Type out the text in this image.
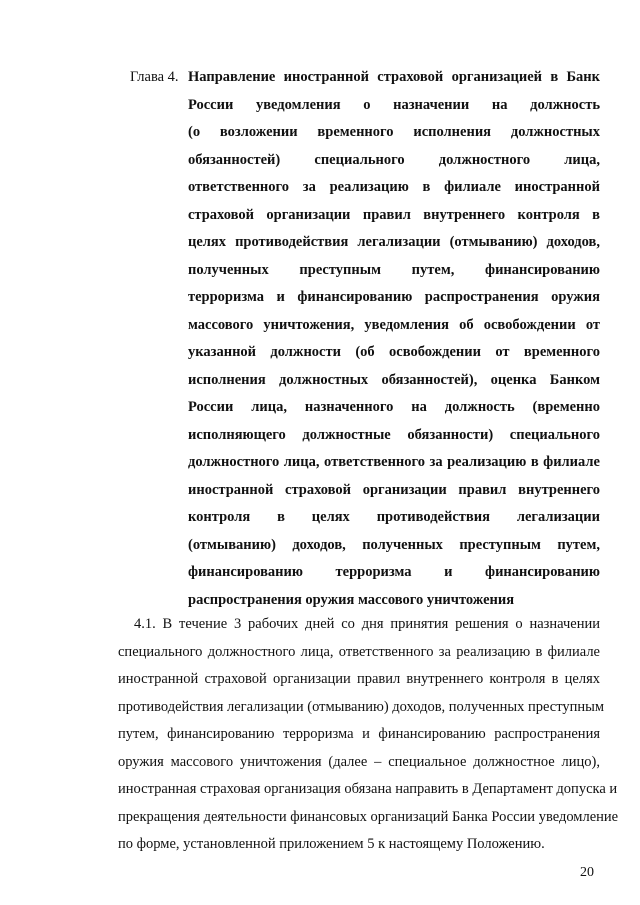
Глава 4. Направление иностранной страховой организацией в Банк
России уведомления о назначении на должность
(о возложении временного исполнения должностных
обязанностей) специального должностного лица,
ответственного за реализацию в филиале иностранной
страховой организации правил внутреннего контроля в
целях противодействия легализации (отмыванию) доходов,
полученных преступным путем, финансированию
терроризма и финансированию распространения оружия
массового уничтожения, уведомления об освобождении от
указанной должности (об освобождении от временного
исполнения должностных обязанностей), оценка Банком
России лица, назначенного на должность (временно
исполняющего должностные обязанности) специального
должностного лица, ответственного за реализацию в филиале
иностранной страховой организации правил внутреннего
контроля в целях противодействия легализации
(отмыванию) доходов, полученных преступным путем,
финансированию терроризма и финансированию
распространения оружия массового уничтожения
4.1. В течение 3 рабочих дней со дня принятия решения о назначении
специального должностного лица, ответственного за реализацию в филиале
иностранной страховой организации правил внутреннего контроля в целях
противодействия легализации (отмыванию) доходов, полученных преступным
путем, финансированию терроризма и финансированию распространения
оружия массового уничтожения (далее – специальное должностное лицо),
иностранная страховая организация обязана направить в Департамент допуска и
прекращения деятельности финансовых организаций Банка России уведомление
по форме, установленной приложением 5 к настоящему Положению.
20
